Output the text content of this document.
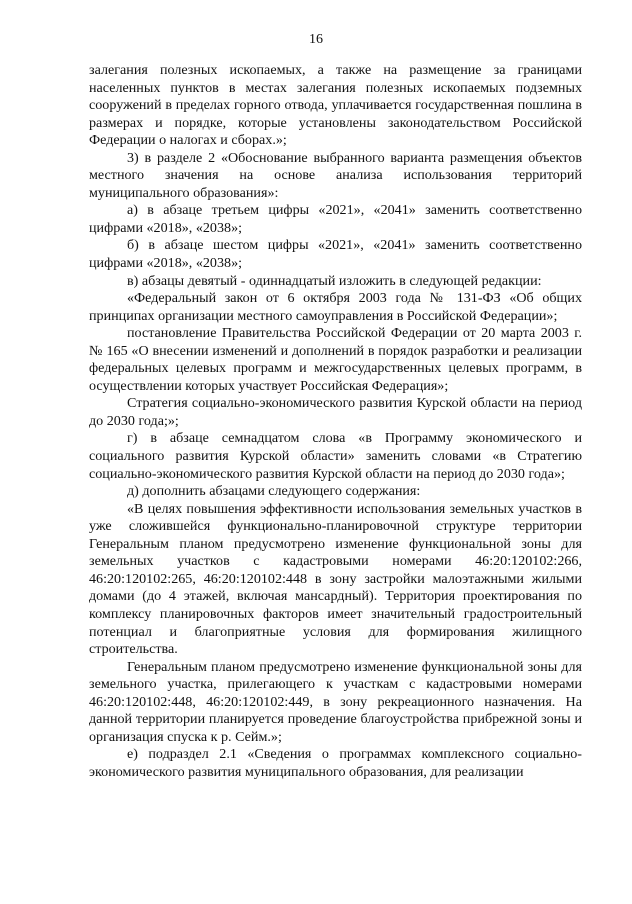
16

залегания полезных ископаемых, а также на размещение за границами населенных пунктов в местах залегания полезных ископаемых подземных сооружений в пределах горного отвода, уплачивается государственная пошлина в размерах и порядке, которые установлены законодательством Российской Федерации о налогах и сборах.»;

3) в разделе 2 «Обоснование выбранного варианта размещения объектов местного значения на основе анализа использования территорий муниципального образования»:

а) в абзаце третьем цифры «2021», «2041» заменить соответственно цифрами «2018», «2038»;

б) в абзаце шестом цифры «2021», «2041» заменить соответственно цифрами «2018», «2038»;

в) абзацы девятый - одиннадцатый изложить в следующей редакции:

«Федеральный закон от 6 октября 2003 года № 131-ФЗ «Об общих принципах организации местного самоуправления в Российской Федерации»;

постановление Правительства Российской Федерации от 20 марта 2003 г. № 165 «О внесении изменений и дополнений в порядок разработки и реализации федеральных целевых программ и межгосударственных целевых программ, в осуществлении которых участвует Российская Федерация»;

Стратегия социально-экономического развития Курской области на период до 2030 года;»;

г) в абзаце семнадцатом слова «в Программу экономического и социального развития Курской области» заменить словами «в Стратегию социально-экономического развития Курской области на период до 2030 года»;

д) дополнить абзацами следующего содержания:

«В целях повышения эффективности использования земельных участков в уже сложившейся функционально-планировочной структуре территории Генеральным планом предусмотрено изменение функциональной зоны для земельных участков с кадастровыми номерами 46:20:120102:266, 46:20:120102:265, 46:20:120102:448 в зону застройки малоэтажными жилыми домами (до 4 этажей, включая мансардный). Территория проектирования по комплексу планировочных факторов имеет значительный градостроительный потенциал и благоприятные условия для формирования жилищного строительства.

Генеральным планом предусмотрено изменение функциональной зоны для земельного участка, прилегающего к участкам с кадастровыми номерами 46:20:120102:448, 46:20:120102:449, в зону рекреационного назначения. На данной территории планируется проведение благоустройства прибрежной зоны и организация спуска к р. Сейм.»;

е) подраздел 2.1 «Сведения о программах комплексного социально-экономического развития муниципального образования, для реализации
